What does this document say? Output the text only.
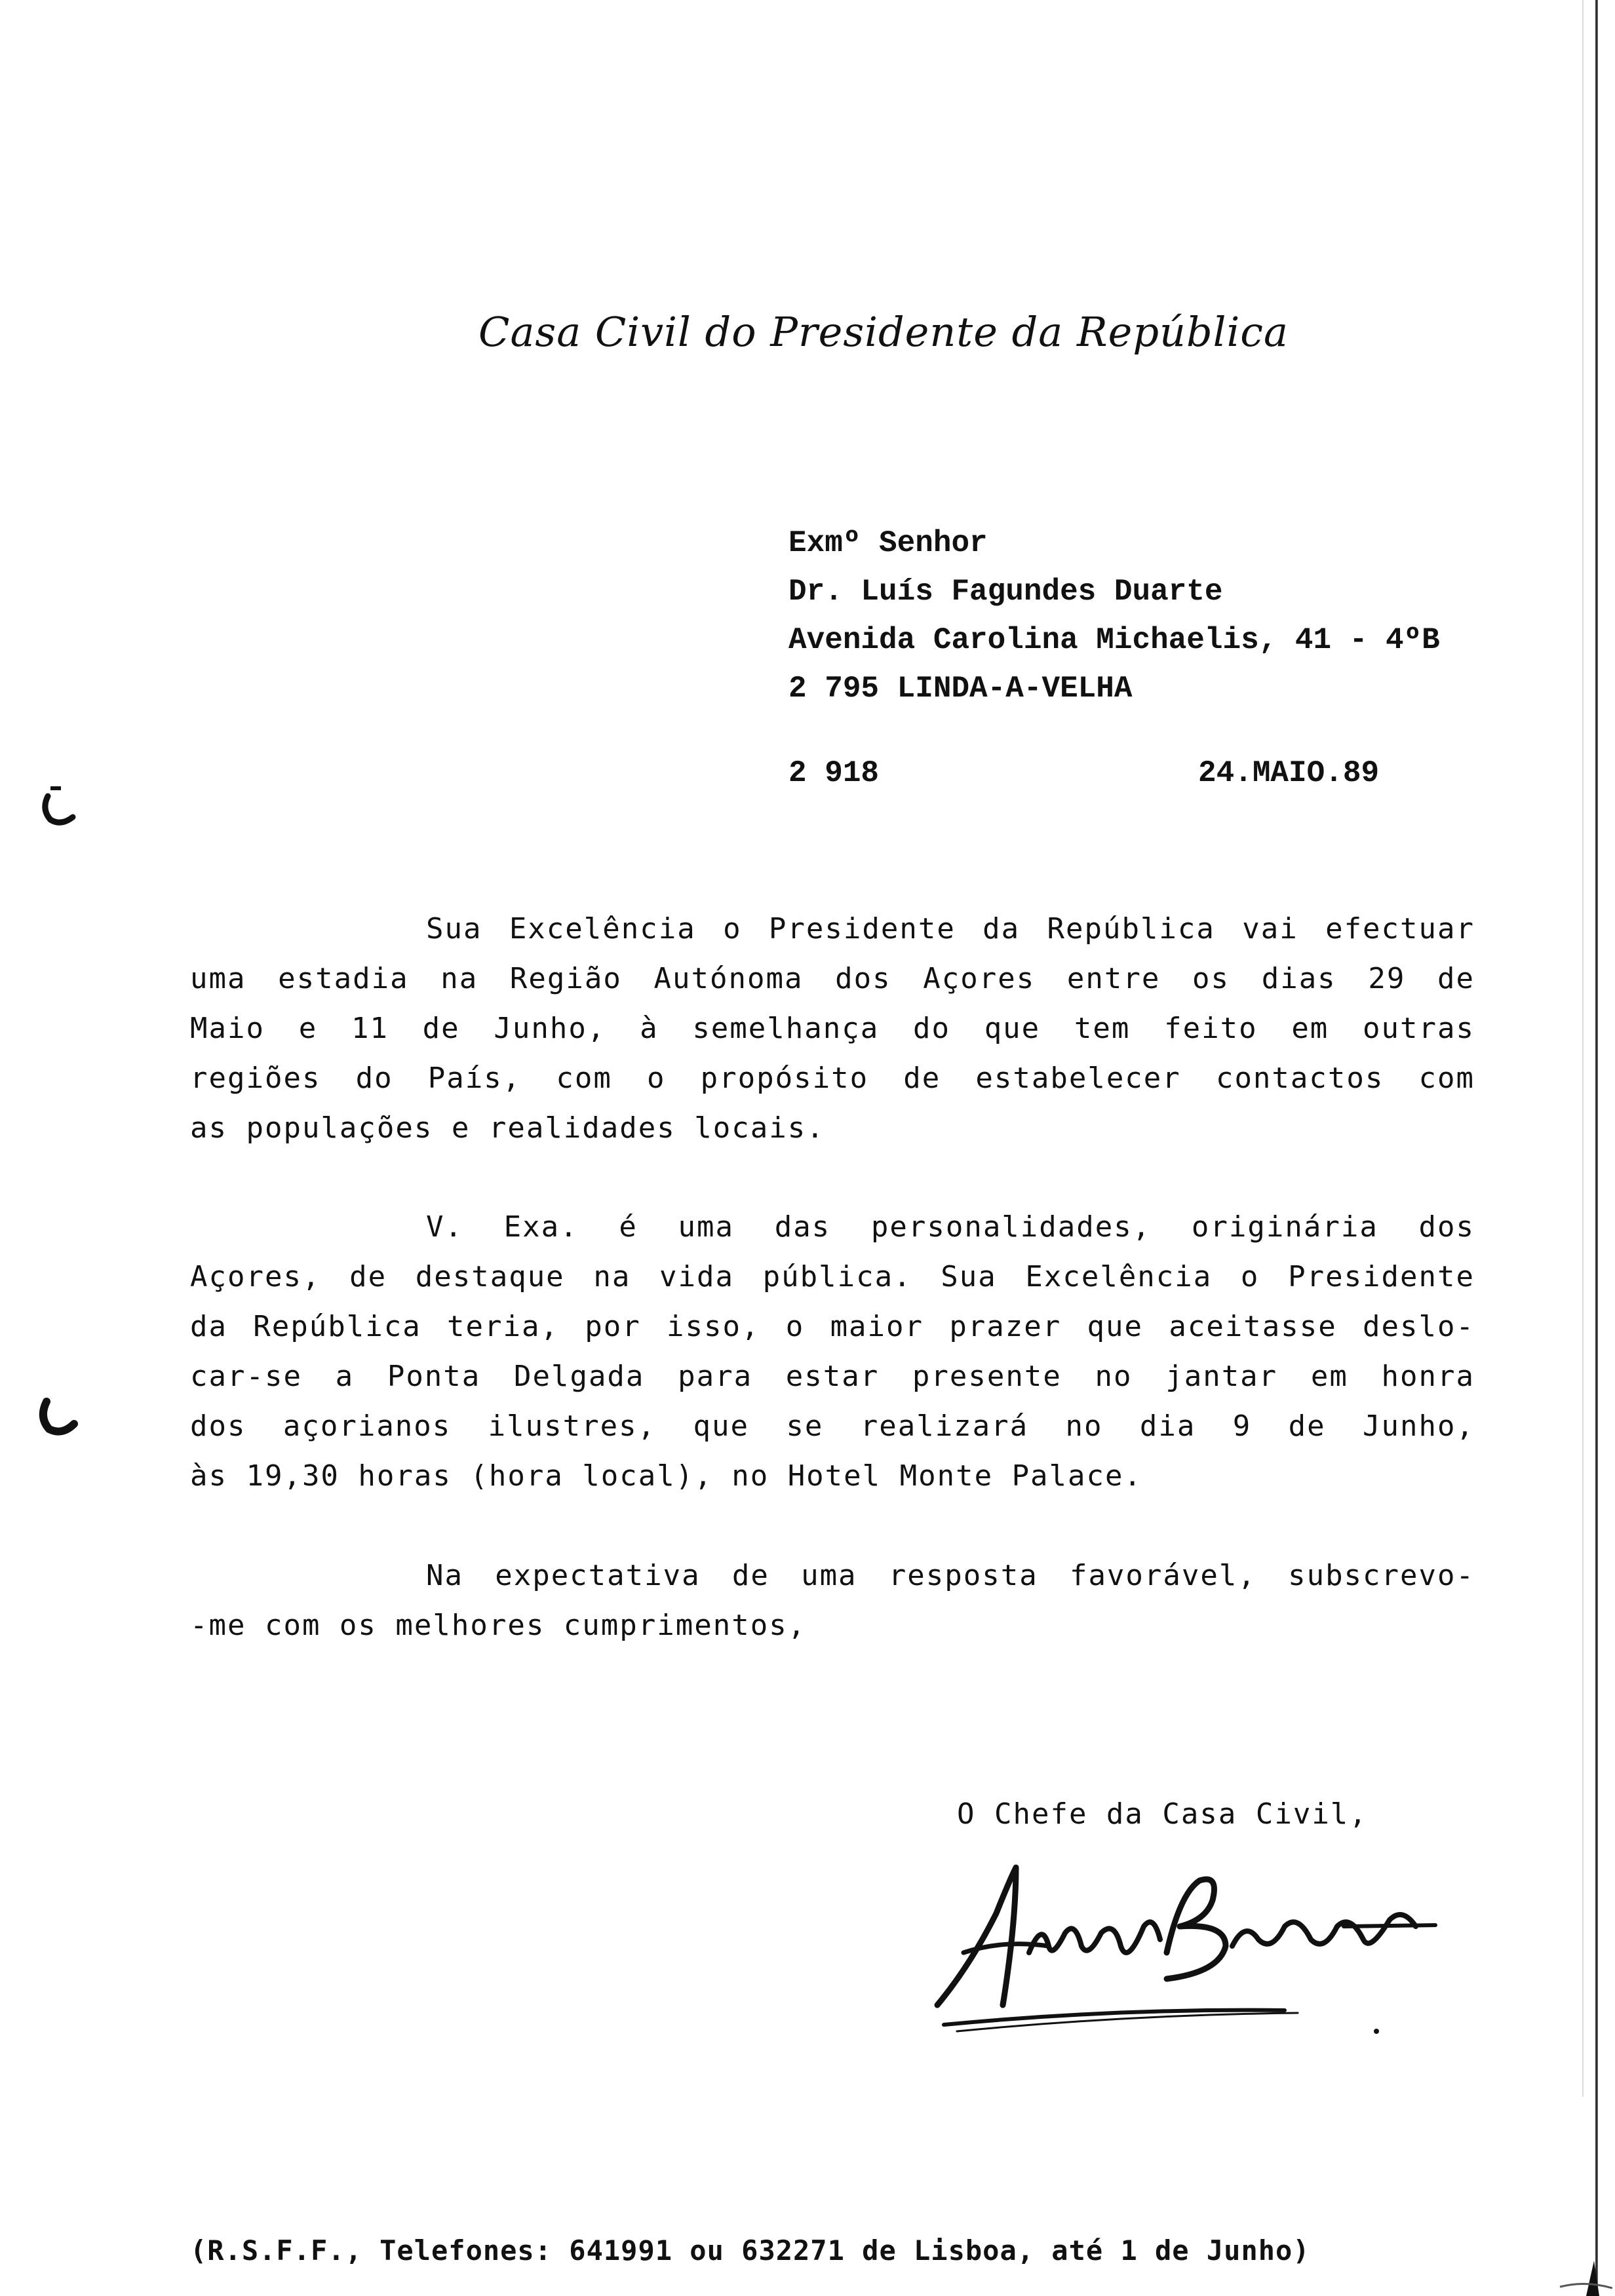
Casa Civil do Presidente da República
Exmº Senhor
Dr. Luís Fagundes Duarte
Avenida Carolina Michaelis, 41 - 4ºB
2 795 LINDA-A-VELHA
2 918	24.MAIO.89

Sua Excelência o Presidente da República vai efectuar

uma estadia na Região Autónoma dos Açores entre os dias 29 de

Maio e 11 de Junho, à semelhança do que tem feito em outras

regiões do País, com o propósito de estabelecer contactos com

as populações e realidades locais.

V. Exa. é uma das personalidades, originária dos

Açores, de destaque na vida pública. Sua Excelência o Presidente

da República teria, por isso, o maior prazer que aceitasse deslo-

car-se a Ponta Delgada para estar presente no jantar em honra

dos açorianos ilustres, que se realizará no dia 9 de Junho,

às 19,30 horas (hora local), no Hotel Monte Palace.

Na expectativa de uma resposta favorável, subscrevo-

-me com os melhores cumprimentos,

O Chefe da Casa Civil,
Alfredo Barroso
(R.S.F.F., Telefones: 641991 ou 632271 de Lisboa, até 1 de Junho)
